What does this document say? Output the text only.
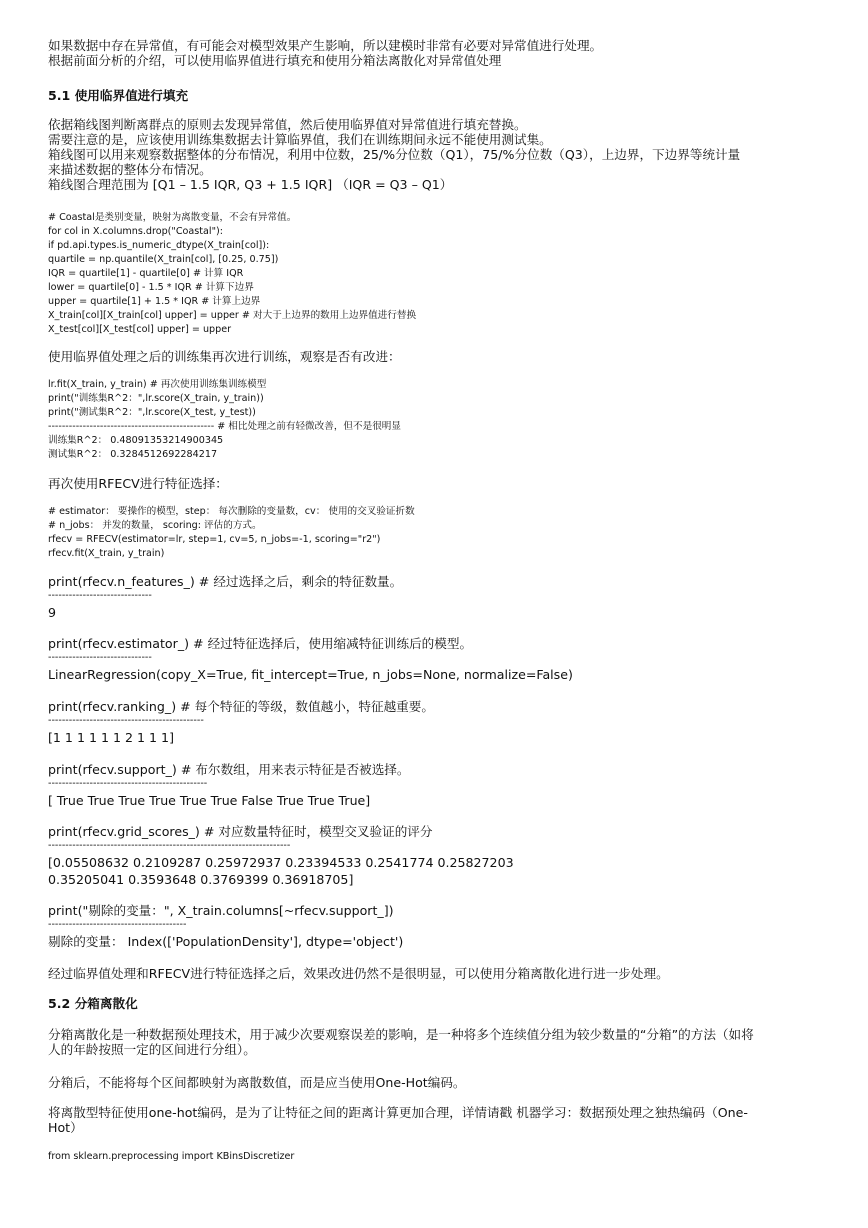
如果数据中存在异常值，有可能会对模型效果产生影响，所以建模时非常有必要对异常值进行处理。
根据前面分析的介绍，可以使用临界值进行填充和使用分箱法离散化对异常值处理
5.1 使用临界值进行填充
依据箱线图判断离群点的原则去发现异常值，然后使用临界值对异常值进行填充替换。
需要注意的是，应该使用训练集数据去计算临界值，我们在训练期间永远不能使用测试集。
箱线图可以用来观察数据整体的分布情况，利用中位数，25/%分位数（Q1），75/%分位数（Q3），上边界，下边界等统计量
来描述数据的整体分布情况。
箱线图合理范围为 [Q1 – 1.5 IQR, Q3 + 1.5 IQR] （IQR = Q3 – Q1）
# Coastal是类别变量，映射为离散变量，不会有异常值。
for col in X.columns.drop("Coastal"):
if pd.api.types.is_numeric_dtype(X_train[col]):
quartile = np.quantile(X_train[col], [0.25, 0.75])
IQR = quartile[1] - quartile[0] # 计算 IQR
lower = quartile[0] - 1.5 * IQR # 计算下边界
upper = quartile[1] + 1.5 * IQR # 计算上边界
X_train[col][X_train[col] upper] = upper # 对大于上边界的数用上边界值进行替换
X_test[col][X_test[col] upper] = upper
使用临界值处理之后的训练集再次进行训练，观察是否有改进：
lr.fit(X_train, y_train) # 再次使用训练集训练模型
print("训练集R^2：",lr.score(X_train, y_train))
print("测试集R^2：",lr.score(X_test, y_test))
------------------------------------------------ # 相比处理之前有轻微改善，但不是很明显
训练集R^2： 0.48091353214900345
测试集R^2： 0.3284512692284217
再次使用RFECV进行特征选择：
# estimator： 要操作的模型，step： 每次删除的变量数，cv： 使用的交叉验证折数
# n_jobs： 并发的数量， scoring: 评估的方式。
rfecv = RFECV(estimator=lr, step=1, cv=5, n_jobs=-1, scoring="r2")
rfecv.fit(X_train, y_train)
print(rfecv.n_features_) # 经过选择之后，剩余的特征数量。
------------------------------
9
print(rfecv.estimator_) # 经过特征选择后，使用缩减特征训练后的模型。
------------------------------
LinearRegression(copy_X=True, fit_intercept=True, n_jobs=None, normalize=False)
print(rfecv.ranking_) # 每个特征的等级，数值越小，特征越重要。
---------------------------------------------
[1 1 1 1 1 1 2 1 1 1]
print(rfecv.support_) # 布尔数组，用来表示特征是否被选择。
----------------------------------------------
[ True True True True True True False True True True]
print(rfecv.grid_scores_) # 对应数量特征时，模型交叉验证的评分
----------------------------------------------------------------------
[0.05508632 0.2109287 0.25972937 0.23394533 0.2541774 0.25827203
0.35205041 0.3593648 0.3769399 0.36918705]
print("剔除的变量：", X_train.columns[~rfecv.support_])
----------------------------------------
剔除的变量： Index(['PopulationDensity'], dtype='object')
经过临界值处理和RFECV进行特征选择之后，效果改进仍然不是很明显，可以使用分箱离散化进行进一步处理。
5.2 分箱离散化
分箱离散化是一种数据预处理技术，用于减少次要观察误差的影响，是一种将多个连续值分组为较少数量的“分箱”的方法（如将
人的年龄按照一定的区间进行分组）。
分箱后，不能将每个区间都映射为离散数值，而是应当使用One-Hot编码。
将离散型特征使用one-hot编码，是为了让特征之间的距离计算更加合理，详情请戳 机器学习：数据预处理之独热编码（One-
Hot）
from sklearn.preprocessing import KBinsDiscretizer
